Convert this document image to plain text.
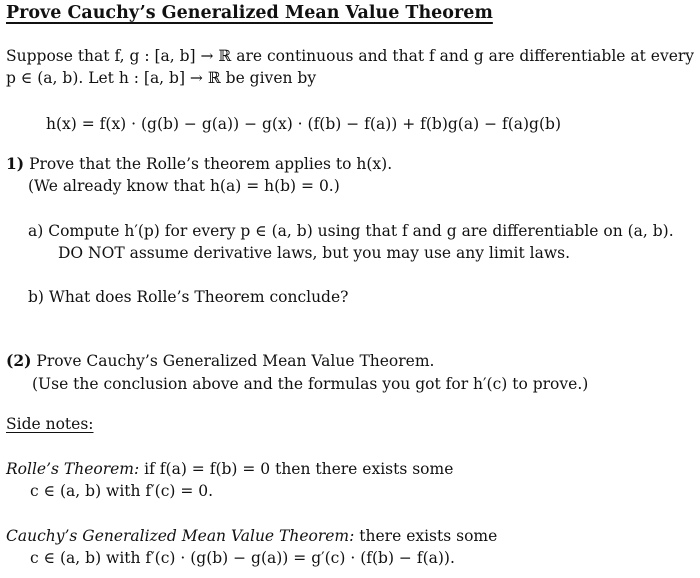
Prove Cauchy’s Generalized Mean Value Theorem
Suppose that f, g : [a, b] → ℝ are continuous and that f and g are differentiable at every
p ∈ (a, b). Let h : [a, b] → ℝ be given by
h(x) = f(x) · (g(b) − g(a)) − g(x) · (f(b) − f(a)) + f(b)g(a) − f(a)g(b)
1) Prove that the Rolle’s theorem applies to h(x).
(We already know that h(a) = h(b) = 0.)
a) Compute h′(p) for every p ∈ (a, b) using that f and g are differentiable on (a, b).
DO NOT assume derivative laws, but you may use any limit laws.
b) What does Rolle’s Theorem conclude?
(2) Prove Cauchy’s Generalized Mean Value Theorem.
(Use the conclusion above and the formulas you got for h′(c) to prove.)
Side notes:
Rolle’s Theorem: if f(a) = f(b) = 0 then there exists some
c ∈ (a, b) with f′(c) = 0.
Cauchy’s Generalized Mean Value Theorem: there exists some
c ∈ (a, b) with f′(c) · (g(b) − g(a)) = g′(c) · (f(b) − f(a)).
